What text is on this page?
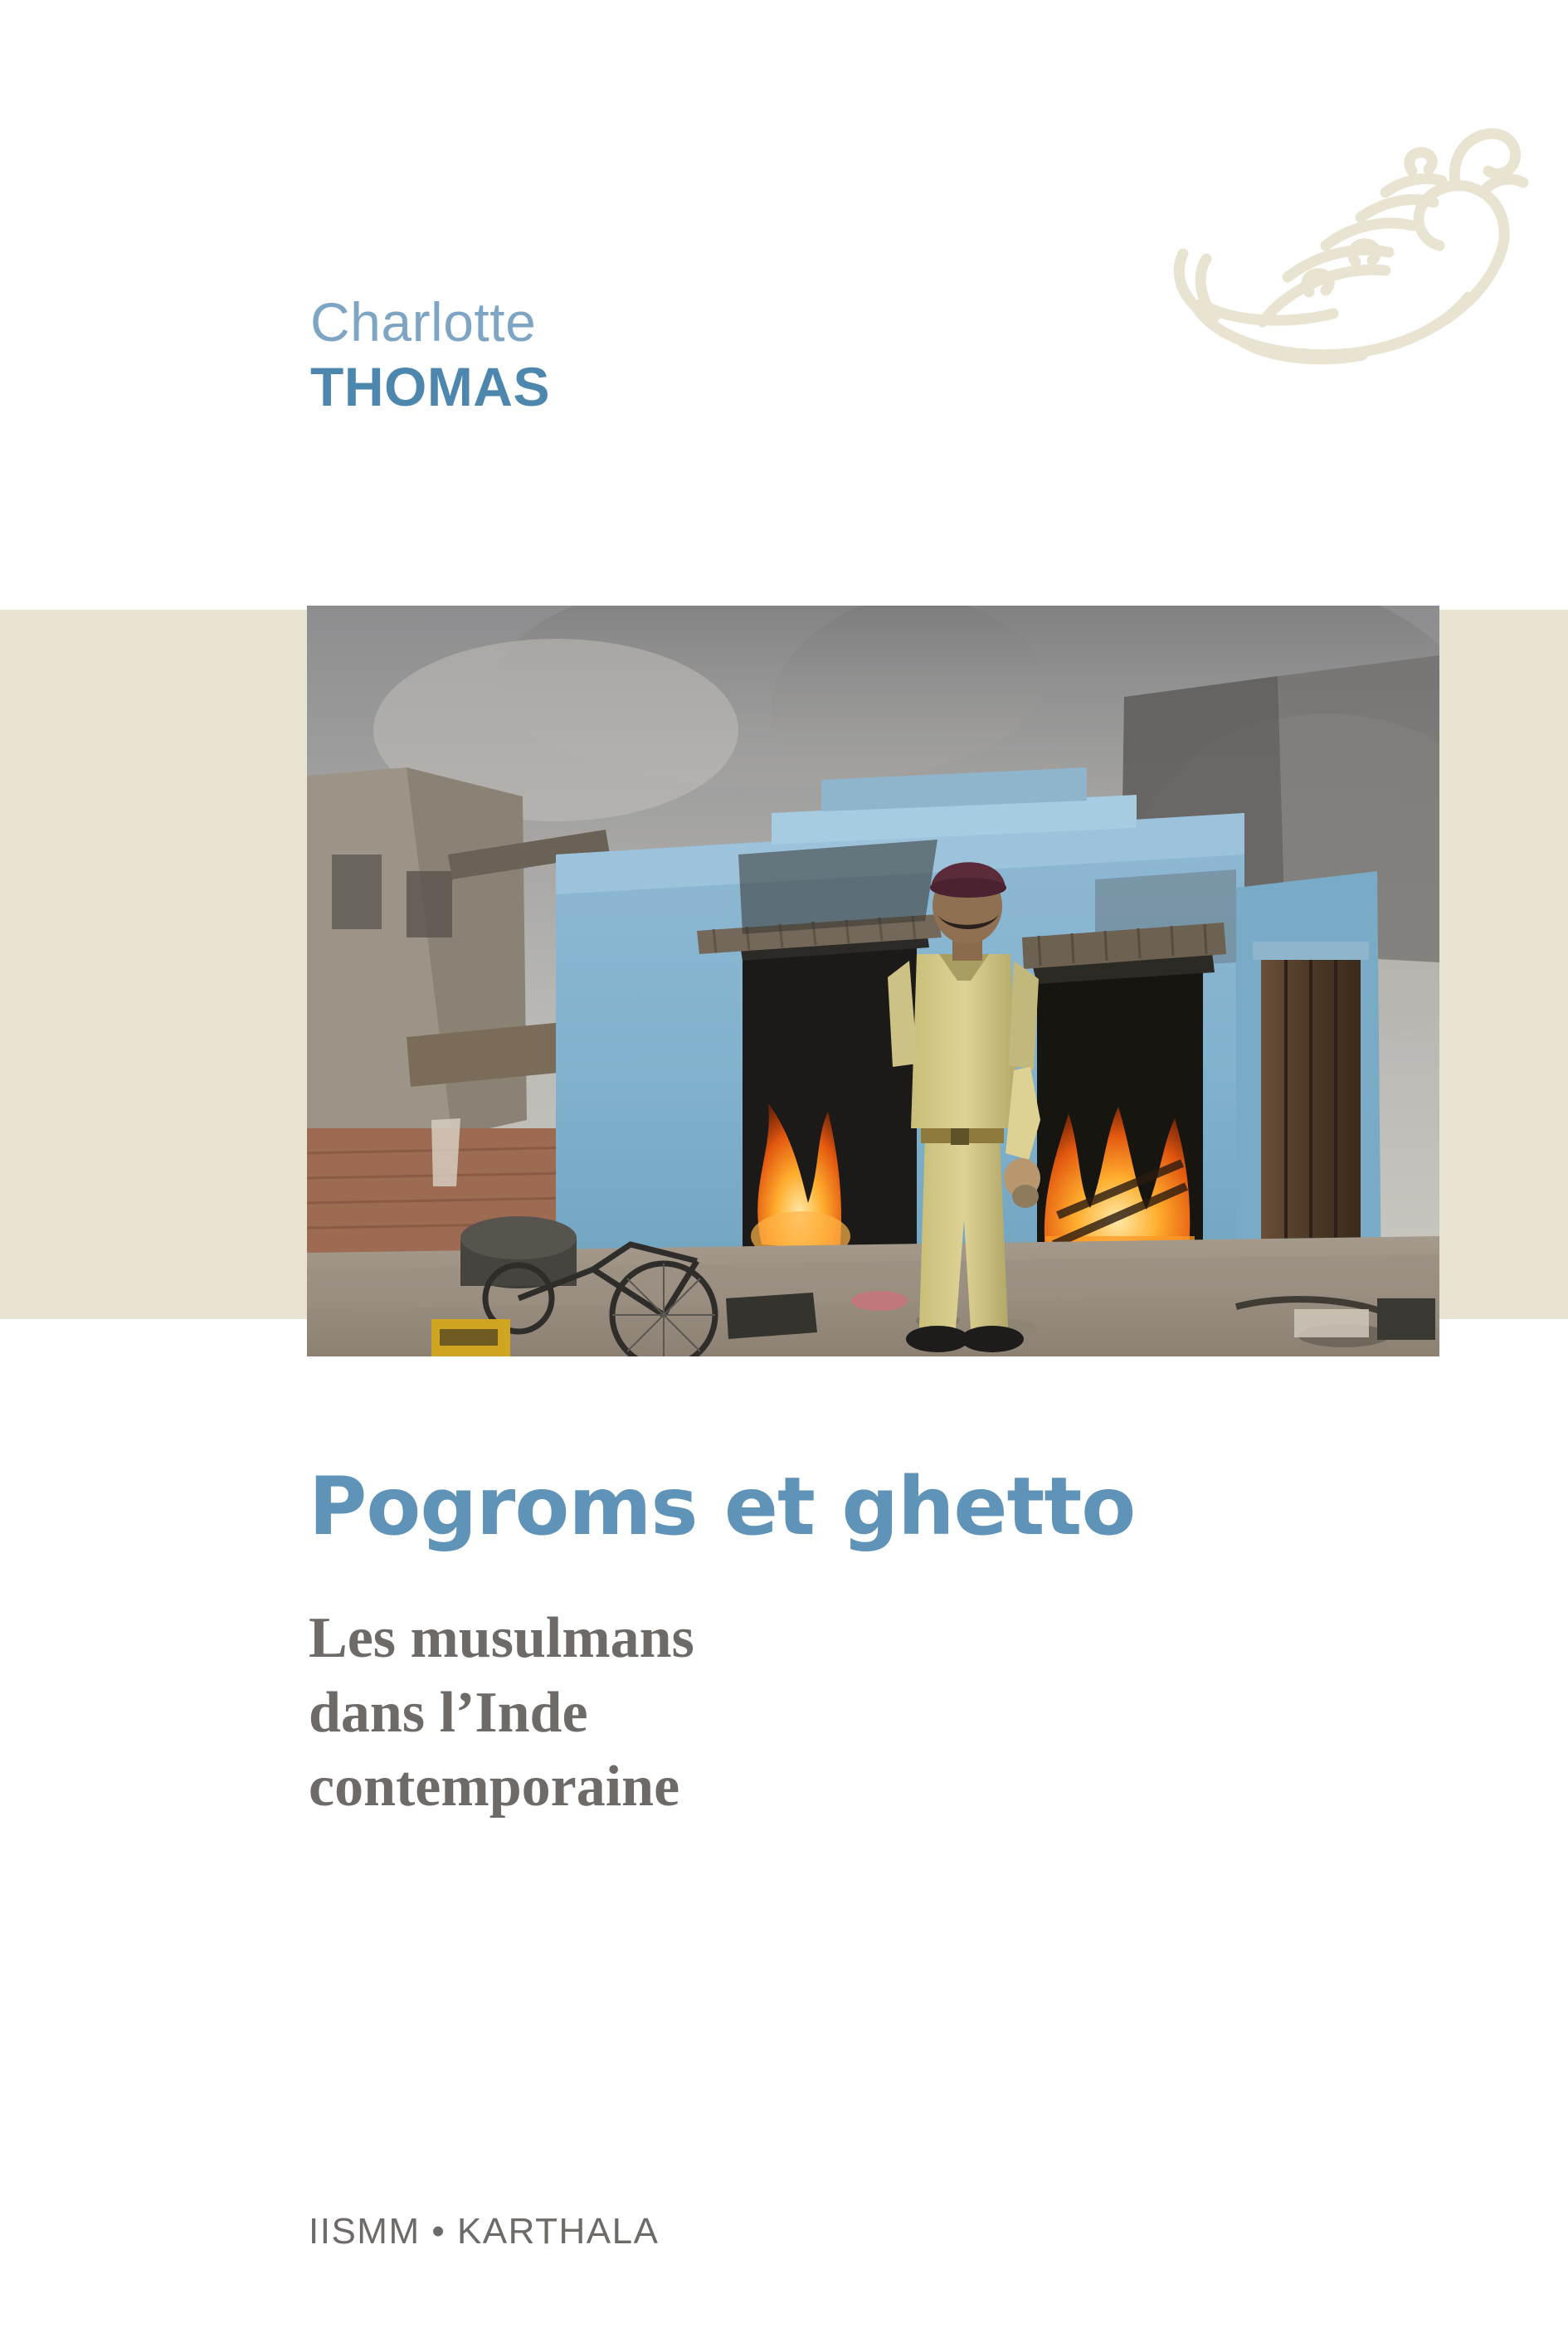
Charlotte
THOMAS
Pogroms et ghetto
Les musulmans
dans l’Inde
contemporaine
IISMM • KARTHALA
